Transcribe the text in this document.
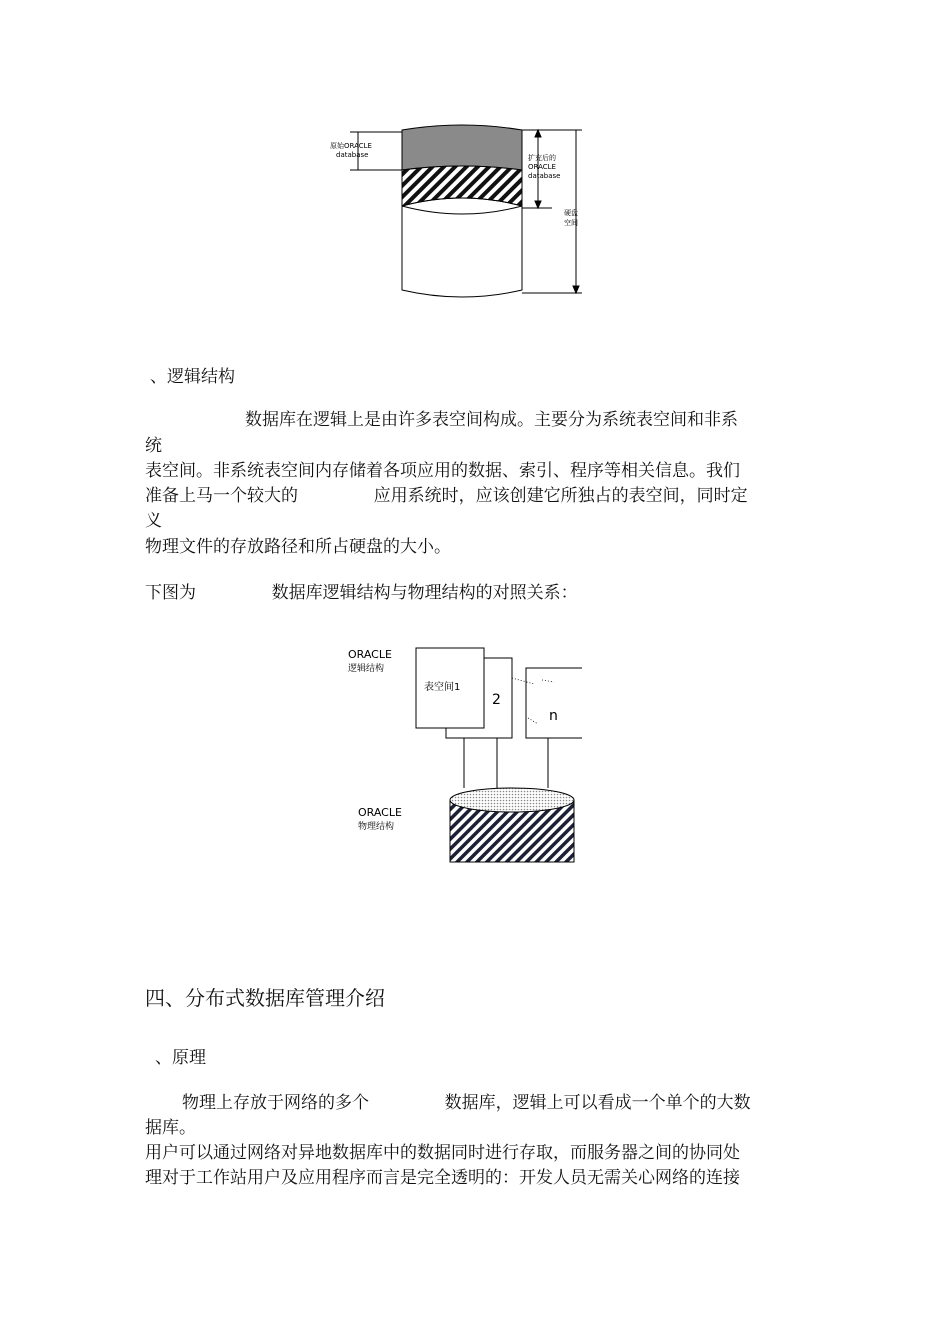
原始ORACLE database	扩充后的 ORACLE database
硬盘 空间
、逻辑结构
数据库在逻辑上是由许多表空间构成。主要分为系统表空间和非系
统
表空间。非系统表空间内存储着各项应用的数据、索引、程序等相关信息。我们
准备上马一个较大的              应用系统时，应该创建它所独占的表空间，同时定
义
物理文件的存放路径和所占硬盘的大小。
下图为              数据库逻辑结构与物理结构的对照关系：
ORACLE 逻辑结构
表空间1
2
n
ORACLE 物理结构
四、分布式数据库管理介绍
、原理
物理上存放于网络的多个              数据库，逻辑上可以看成一个单个的大数
据库。
用户可以通过网络对异地数据库中的数据同时进行存取，而服务器之间的协同处
理对于工作站用户及应用程序而言是完全透明的：开发人员无需关心网络的连接
